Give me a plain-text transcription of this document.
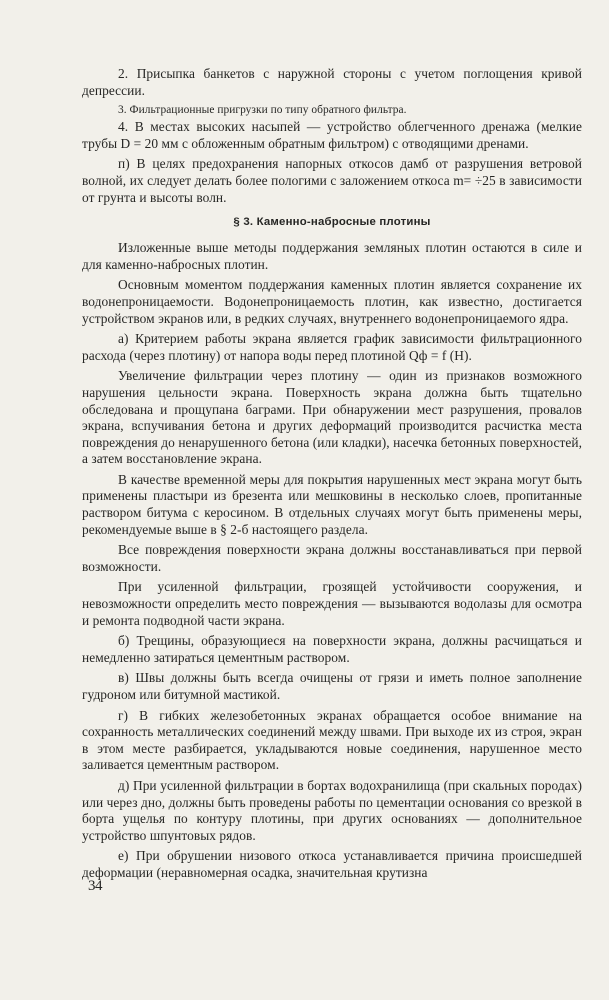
2. Присыпка банкетов с наружной стороны с учетом поглощения кривой депрессии.

3. Фильтрационные пригрузки по типу обратного фильтра.

4. В местах высоких насыпей — устройство облегченного дренажа (мелкие трубы D = 20 мм с обложенным обратным фильтром) с отводящими дренами.

п) В целях предохранения напорных откосов дамб от разрушения ветровой волной, их следует делать более пологими с заложением откоса m= ÷25 в зависимости от грунта и высоты волн.

§ 3. Каменно-набросные плотины

Изложенные выше методы поддержания земляных плотин остаются в силе и для каменно-набросных плотин.

Основным моментом поддержания каменных плотин является сохранение их водонепроницаемости. Водонепроницаемость плотин, как известно, достигается устройством экранов или, в редких случаях, внутреннего водонепроницаемого ядра.

а) Критерием работы экрана является график зависимости фильтрационного расхода (через плотину) от напора воды перед плотиной Qф = f (H).

Увеличение фильтрации через плотину — один из признаков возможного нарушения цельности экрана. Поверхность экрана должна быть тщательно обследована и прощупана баграми. При обнаружении мест разрушения, провалов экрана, вспучивания бетона и других деформаций производится расчистка места повреждения до ненарушенного бетона (или кладки), насечка бетонных поверхностей, а затем восстановление экрана.

В качестве временной меры для покрытия нарушенных мест экрана могут быть применены пластыри из брезента или мешковины в несколько слоев, пропитанные раствором битума с керосином. В отдельных случаях могут быть применены меры, рекомендуемые выше в § 2-б настоящего раздела.

Все повреждения поверхности экрана должны восстанавливаться при первой возможности.

При усиленной фильтрации, грозящей устойчивости сооружения, и невозможности определить место повреждения — вызываются водолазы для осмотра и ремонта подводной части экрана.

б) Трещины, образующиеся на поверхности экрана, должны расчищаться и немедленно затираться цементным раствором.

в) Швы должны быть всегда очищены от грязи и иметь полное заполнение гудроном или битумной мастикой.

г) В гибких железобетонных экранах обращается особое внимание на сохранность металлических соединений между швами. При выходе их из строя, экран в этом месте разбирается, укладываются новые соединения, нарушенное место заливается цементным раствором.

д) При усиленной фильтрации в бортах водохранилища (при скальных породах) или через дно, должны быть проведены работы по цементации основания со врезкой в борта ущелья по контуру плотины, при других основаниях — дополнительное устройство шпунтовых рядов.

е) При обрушении низового откоса устанавливается причина происшедшей деформации (неравномерная осадка, значительная крутизна

34
